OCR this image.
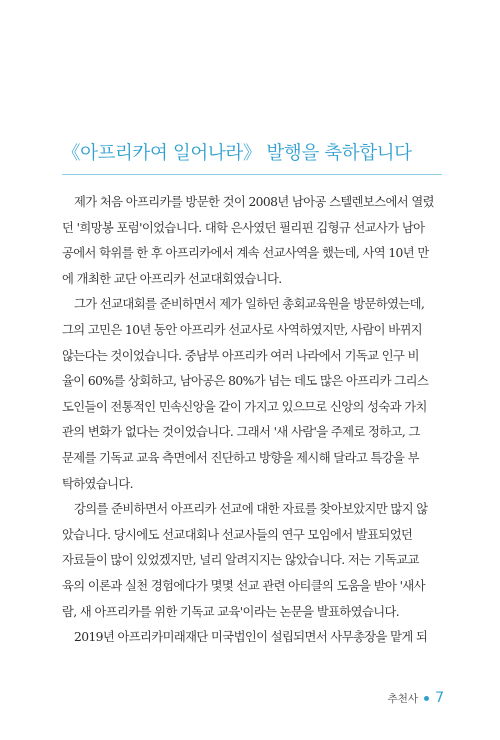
《아프리카여 일어나라》 발행을 축하합니다
제가 처음 아프리카를 방문한 것이 2008년 남아공 스텔렌보스에서 열렸
던 '희망봉 포럼'이었습니다. 대학 은사였던 필리핀 김형규 선교사가 남아
공에서 학위를 한 후 아프리카에서 계속 선교사역을 했는데, 사역 10년 만
에 개최한 교단 아프리카 선교대회였습니다.
그가 선교대회를 준비하면서 제가 일하던 총회교육원을 방문하였는데,
그의 고민은 10년 동안 아프리카 선교사로 사역하였지만, 사람이 바뀌지
않는다는 것이었습니다. 중남부 아프리카 여러 나라에서 기독교 인구 비
율이 60%를 상회하고, 남아공은 80%가 넘는 데도 많은 아프리카 그리스
도인들이 전통적인 민속신앙을 같이 가지고 있으므로 신앙의 성숙과 가치
관의 변화가 없다는 것이었습니다. 그래서 '새 사람'을 주제로 정하고, 그
문제를 기독교 교육 측면에서 진단하고 방향을 제시해 달라고 특강을 부
탁하였습니다.
강의를 준비하면서 아프리카 선교에 대한 자료를 찾아보았지만 많지 않
았습니다. 당시에도 선교대회나 선교사들의 연구 모임에서 발표되었던
자료들이 많이 있었겠지만, 널리 알려지지는 않았습니다. 저는 기독교교
육의 이론과 실천 경험에다가 몇몇 선교 관련 아티클의 도움을 받아 '새사
람, 새 아프리카를 위한 기독교 교육'이라는 논문을 발표하였습니다.
2019년 아프리카미래재단 미국법인이 설립되면서 사무총장을 맡게 되
추천사 7
